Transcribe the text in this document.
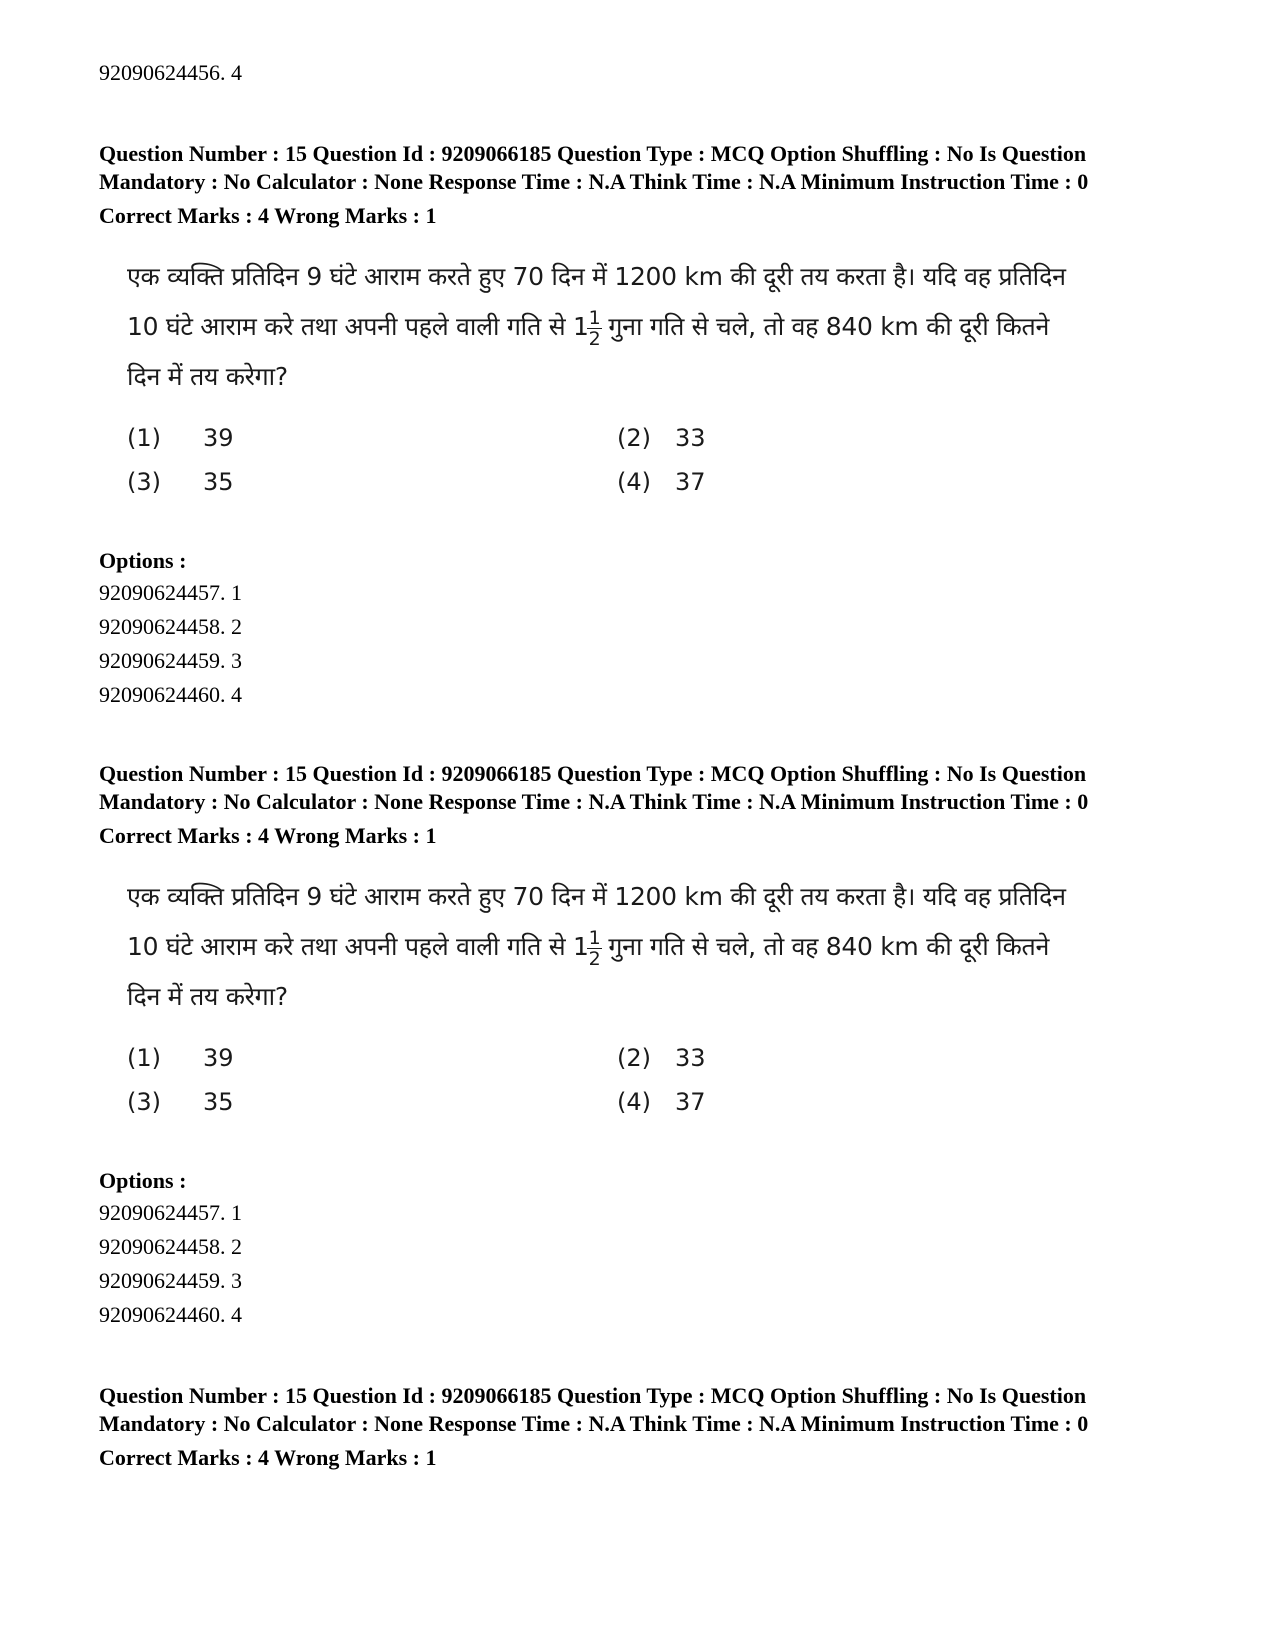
92090624456. 4

Question Number : 15 Question Id : 9209066185 Question Type : MCQ Option Shuffling : No Is Question Mandatory : No Calculator : None Response Time : N.A Think Time : N.A Minimum Instruction Time : 0

Correct Marks : 4 Wrong Marks : 1
एक व्यक्ति प्रतिदिन 9 घंटे आराम करते हुए 70 दिन में 1200 km की दूरी तय करता है। यदि वह प्रतिदिन
10 घंटे आराम करे तथा अपनी पहले वाली गति से 1
$\frac{1}{2}$ गुना गति से चले, तो वह 840 km की दूरी कितने
दिन में तय करेगा?
(1)	39	(2)	33
(3)	35	(4)	37
Options :
92090624457. 1
92090624458. 2
92090624459. 3
92090624460. 4

Question Number : 15 Question Id : 9209066185 Question Type : MCQ Option Shuffling : No Is Question Mandatory : No Calculator : None Response Time : N.A Think Time : N.A Minimum Instruction Time : 0

Correct Marks : 4 Wrong Marks : 1
एक व्यक्ति प्रतिदिन 9 घंटे आराम करते हुए 70 दिन में 1200 km की दूरी तय करता है। यदि वह प्रतिदिन
10 घंटे आराम करे तथा अपनी पहले वाली गति से 1
$\frac{1}{2}$ गुना गति से चले, तो वह 840 km की दूरी कितने
दिन में तय करेगा?
(1)	39	(2)	33
(3)	35	(4)	37
Options :
92090624457. 1
92090624458. 2
92090624459. 3
92090624460. 4

Question Number : 15 Question Id : 9209066185 Question Type : MCQ Option Shuffling : No Is Question Mandatory : No Calculator : None Response Time : N.A Think Time : N.A Minimum Instruction Time : 0

Correct Marks : 4 Wrong Marks : 1
